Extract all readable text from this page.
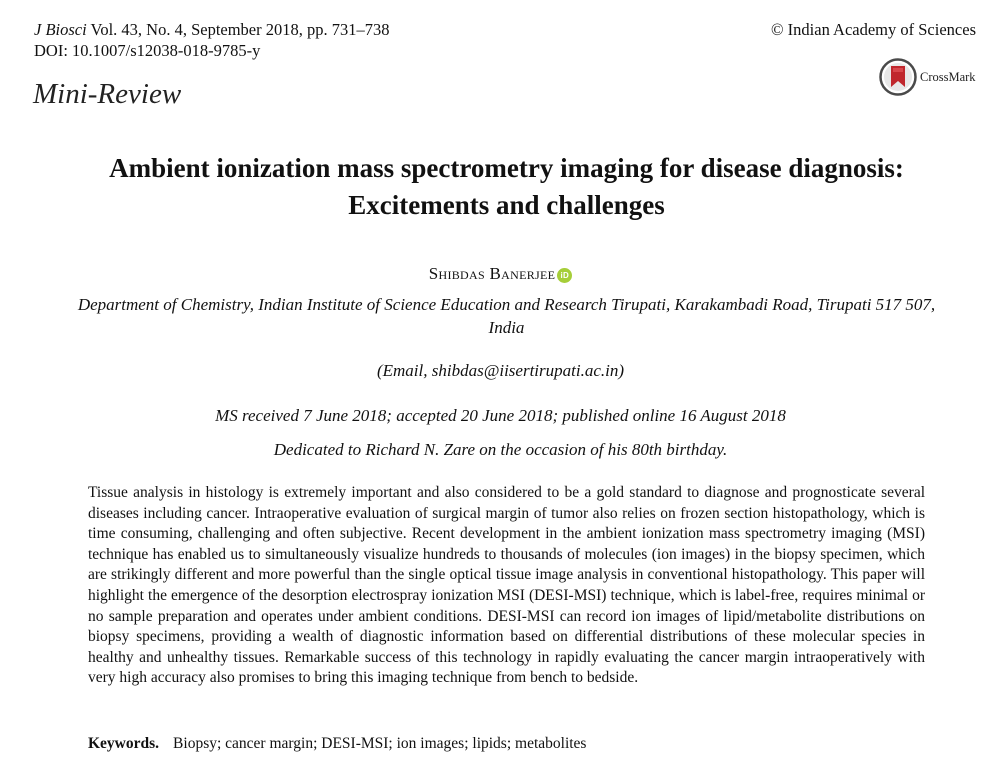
J Biosci Vol. 43, No. 4, September 2018, pp. 731–738
DOI: 10.1007/s12038-018-9785-y
© Indian Academy of Sciences
CrossMark
Mini-Review
Ambient ionization mass spectrometry imaging for disease diagnosis: Excitements and challenges
Shibdas Banerjee iD
Department of Chemistry, Indian Institute of Science Education and Research Tirupati, Karakambadi Road, Tirupati 517 507, India
(Email, shibdas@iisertirupati.ac.in)
MS received 7 June 2018; accepted 20 June 2018; published online 16 August 2018
Dedicated to Richard N. Zare on the occasion of his 80th birthday.
Tissue analysis in histology is extremely important and also considered to be a gold standard to diagnose and prognosticate several diseases including cancer. Intraoperative evaluation of surgical margin of tumor also relies on frozen section histopathology, which is time consuming, challenging and often subjective. Recent development in the ambient ionization mass spectrometry imaging (MSI) technique has enabled us to simultaneously visualize hundreds to thousands of molecules (ion images) in the biopsy specimen, which are strikingly different and more powerful than the single optical tissue image analysis in conventional histopathology. This paper will highlight the emergence of the desorption electrospray ionization MSI (DESI-MSI) technique, which is label-free, requires minimal or no sample preparation and operates under ambient conditions. DESI-MSI can record ion images of lipid/metabolite distributions on biopsy specimens, providing a wealth of diagnostic information based on differential distributions of these molecular species in healthy and unhealthy tissues. Remarkable success of this technology in rapidly evaluating the cancer margin intraoperatively with very high accuracy also promises to bring this imaging technique from bench to bedside.
Keywords. Biopsy; cancer margin; DESI-MSI; ion images; lipids; metabolites
